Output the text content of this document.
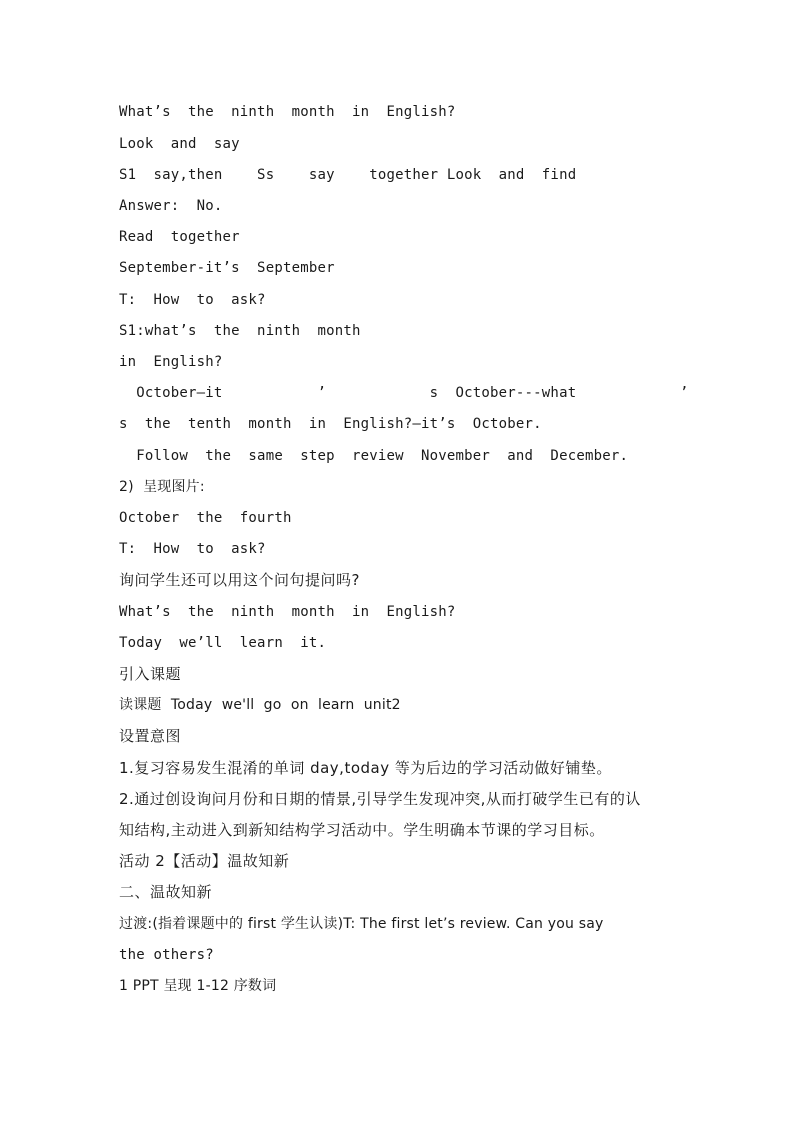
What’s  the  ninth  month  in  English?
Look  and  say
S1  say,then    Ss    say    together Look  and  find
Answer:  No.
Read  together
September-it’s  September
T:  How  to  ask?
S1:what’s  the  ninth  month
in  English?
October—it           ’            s  October---what            ’
s  the  tenth  month  in  English?—it’s  October.
Follow  the  same  step  review  November  and  December.
2)  呈现图片:
October  the  fourth
T:  How  to  ask?
询问学生还可以用这个问句提问吗?
What’s  the  ninth  month  in  English?
Today  we’ll  learn  it.
引入课题
读课题  Today  we'll  go  on  learn  unit2
设置意图
1.复习容易发生混淆的单词 day,today 等为后边的学习活动做好铺垫。
2.通过创设询问月份和日期的情景,引导学生发现冲突,从而打破学生已有的认
知结构,主动进入到新知结构学习活动中。学生明确本节课的学习目标。
活动 2【活动】温故知新
二、温故知新
过渡:(指着课题中的 first 学生认读)T: The first let’s review. Can you say
the others?
1 PPT 呈现 1-12 序数词
